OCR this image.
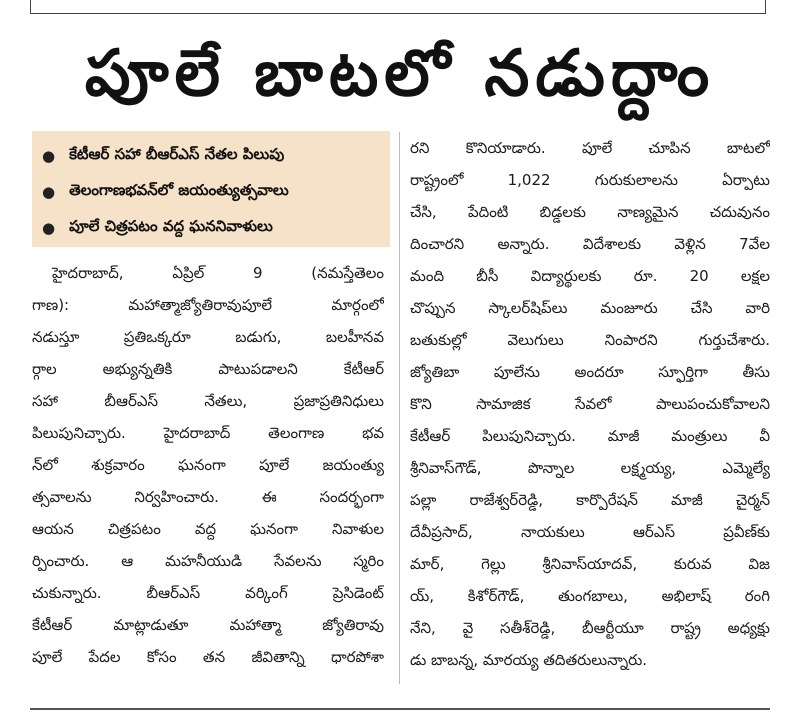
పూలే బాటలో నడుద్దాం
● కేటీఆర్ సహా బీఆర్ఎస్ నేతల పిలుపు
● తెలంగాణభవన్‌లో జయంత్యుత్సవాలు
● పూలే చిత్రపటం వద్ద ఘననివాళులు
హైదరాబాద్, ఏప్రిల్ 9 (నమస్తేతెలం
గాణ): మహాత్మాజ్యోతిరావుపూలే మార్గంలో
నడుస్తూ ప్రతిఒక్కరూ బడుగు, బలహీనవ
ర్గాల అభ్యున్నతికి పాటుపడాలని కేటీఆర్
సహా బీఆర్ఎస్ నేతలు, ప్రజాప్రతినిధులు
పిలుపునిచ్చారు. హైదరాబాద్ తెలంగాణ భవ
న్‌లో శుక్రవారం ఘనంగా పూలే జయంత్యు
త్సవాలను నిర్వహించారు. ఈ సందర్భంగా
ఆయన చిత్రపటం వద్ద ఘనంగా నివాళుల
ర్పించారు. ఆ మహనీయుడి సేవలను స్మరిం
చుకున్నారు. బీఆర్ఎస్ వర్కింగ్ ప్రెసిడెంట్
కేటీఆర్ మాట్లాడుతూ మహాత్మా జ్యోతిరావు
పూలే పేదల కోసం తన జీవితాన్ని ధారపోశా
రని కొనియాడారు. పూలే చూపిన బాటలో
రాష్ట్రంలో 1,022 గురుకులాలను ఏర్పాటు
చేసి, పేదింటి బిడ్డలకు నాణ్యమైన చదువునం
దించారని అన్నారు. విదేశాలకు వెళ్లిన 7వేల
మంది బీసీ విద్యార్థులకు రూ. 20 లక్షల
చొప్పున స్కాలర్‌షిప్‌లు మంజూరు చేసి వారి
బతుకుల్లో వెలుగులు నింపారని గుర్తుచేశారు.
జ్యోతిబా పూలేను అందరూ స్ఫూర్తిగా తీసు
కొని సామాజిక సేవలో పాలుపంచుకోవాలని
కేటీఆర్ పిలుపునిచ్చారు. మాజీ మంత్రులు వీ
శ్రీనివాస్‌గౌడ్, పొన్నాల లక్ష్మయ్య, ఎమ్మెల్యే
పల్లా రాజేశ్వర్‌రెడ్డి, కార్పొరేషన్ మాజీ చైర్మన్
దేవీప్రసాద్, నాయకులు ఆర్ఎస్ ప్రవీణ్‌కు
మార్, గెల్లు శ్రీనివాస్‌యాదవ్, కురువ విజ
య్, కిశోర్‌గౌడ్, తుంగబాలు, అభిలాష్ రంగి
నేని, వై సతీశ్‌రెడ్డి, బీఆర్టీయూ రాష్ట్ర అధ్యక్షు
డు బాబన్న, మారయ్య తదితరులున్నారు.
